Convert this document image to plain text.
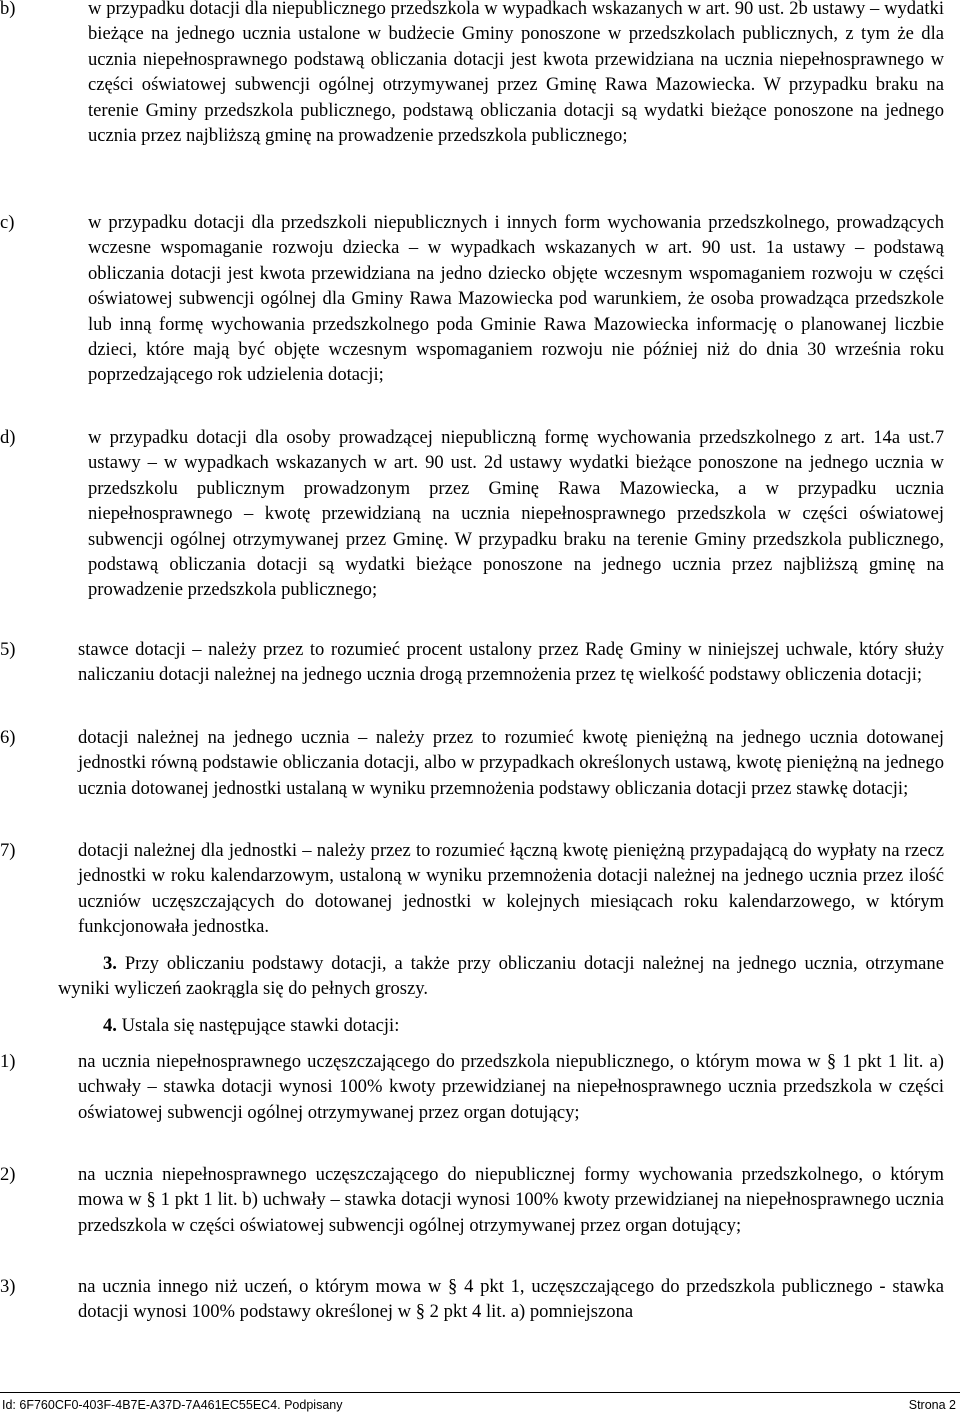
b)	w przypadku dotacji dla niepublicznego przedszkola w wypadkach wskazanych w art. 90 ust. 2b ustawy – wydatki bieżące na jednego ucznia ustalone w budżecie Gminy ponoszone w przedszkolach publicznych, z tym że dla ucznia niepełnosprawnego podstawą obliczania dotacji jest kwota przewidziana na ucznia niepełnosprawnego w części oświatowej subwencji ogólnej otrzymywanej przez Gminę Rawa Mazowiecka. W przypadku braku na terenie Gminy przedszkola publicznego, podstawą obliczania dotacji są wydatki bieżące ponoszone na jednego ucznia przez najbliższą gminę na prowadzenie przedszkola publicznego;
c)	w przypadku dotacji dla przedszkoli niepublicznych i innych form wychowania przedszkolnego, prowadzących wczesne wspomaganie rozwoju dziecka – w wypadkach wskazanych w art. 90 ust. 1a ustawy – podstawą obliczania dotacji jest kwota przewidziana na jedno dziecko objęte wczesnym wspomaganiem rozwoju w części oświatowej subwencji ogólnej dla Gminy Rawa Mazowiecka pod warunkiem, że osoba prowadząca przedszkole lub inną formę wychowania przedszkolnego poda Gminie Rawa Mazowiecka informację o planowanej liczbie dzieci, które mają być objęte wczesnym wspomaganiem rozwoju nie później niż do dnia 30 września roku poprzedzającego rok udzielenia dotacji;
d)	w przypadku dotacji dla osoby prowadzącej niepubliczną formę wychowania przedszkolnego z art. 14a ust.7 ustawy – w wypadkach wskazanych w art. 90 ust. 2d ustawy wydatki bieżące ponoszone na jednego ucznia w przedszkolu publicznym prowadzonym przez Gminę Rawa Mazowiecka, a w przypadku ucznia niepełnosprawnego – kwotę przewidzianą na ucznia niepełnosprawnego przedszkola w części oświatowej subwencji ogólnej otrzymywanej przez Gminę. W przypadku braku na terenie Gminy przedszkola publicznego, podstawą obliczania dotacji są wydatki bieżące ponoszone na jednego ucznia przez najbliższą gminę na prowadzenie przedszkola publicznego;
5)	stawce dotacji – należy przez to rozumieć procent ustalony przez Radę Gminy w niniejszej uchwale, który służy naliczaniu dotacji należnej na jednego ucznia drogą przemnożenia przez tę wielkość podstawy obliczenia dotacji;
6)	dotacji należnej na jednego ucznia – należy przez to rozumieć kwotę pieniężną na jednego ucznia dotowanej jednostki równą podstawie obliczania dotacji, albo w przypadkach określonych ustawą, kwotę pieniężną na jednego ucznia dotowanej jednostki ustalaną w wyniku przemnożenia podstawy obliczania dotacji przez stawkę dotacji;
7)	dotacji należnej dla jednostki – należy przez to rozumieć łączną kwotę pieniężną przypadającą do wypłaty na rzecz jednostki w roku kalendarzowym, ustaloną w wyniku przemnożenia dotacji należnej na jednego ucznia przez ilość uczniów uczęszczających do dotowanej jednostki w kolejnych miesiącach roku kalendarzowego, w którym funkcjonowała jednostka.
3. Przy obliczaniu podstawy dotacji, a także przy obliczaniu dotacji należnej na jednego ucznia, otrzymane wyniki wyliczeń zaokrągla się do pełnych groszy.
4. Ustala się następujące stawki dotacji:
1)	na ucznia niepełnosprawnego uczęszczającego do przedszkola niepublicznego, o którym mowa w § 1 pkt 1 lit. a) uchwały – stawka dotacji wynosi 100% kwoty przewidzianej na niepełnosprawnego ucznia przedszkola w części oświatowej subwencji ogólnej otrzymywanej przez organ dotujący;
2)	na ucznia niepełnosprawnego uczęszczającego do niepublicznej formy wychowania przedszkolnego, o którym mowa w § 1 pkt 1 lit. b) uchwały – stawka dotacji wynosi 100% kwoty przewidzianej na niepełnosprawnego ucznia przedszkola w części oświatowej subwencji ogólnej otrzymywanej przez organ dotujący;
3)	na ucznia innego niż uczeń, o którym mowa w § 4 pkt 1, uczęszczającego do przedszkola publicznego - stawka dotacji wynosi 100% podstawy określonej w § 2 pkt 4 lit. a) pomniejszona
Id: 6F760CF0-403F-4B7E-A37D-7A461EC55EC4. Podpisany	Strona 2
